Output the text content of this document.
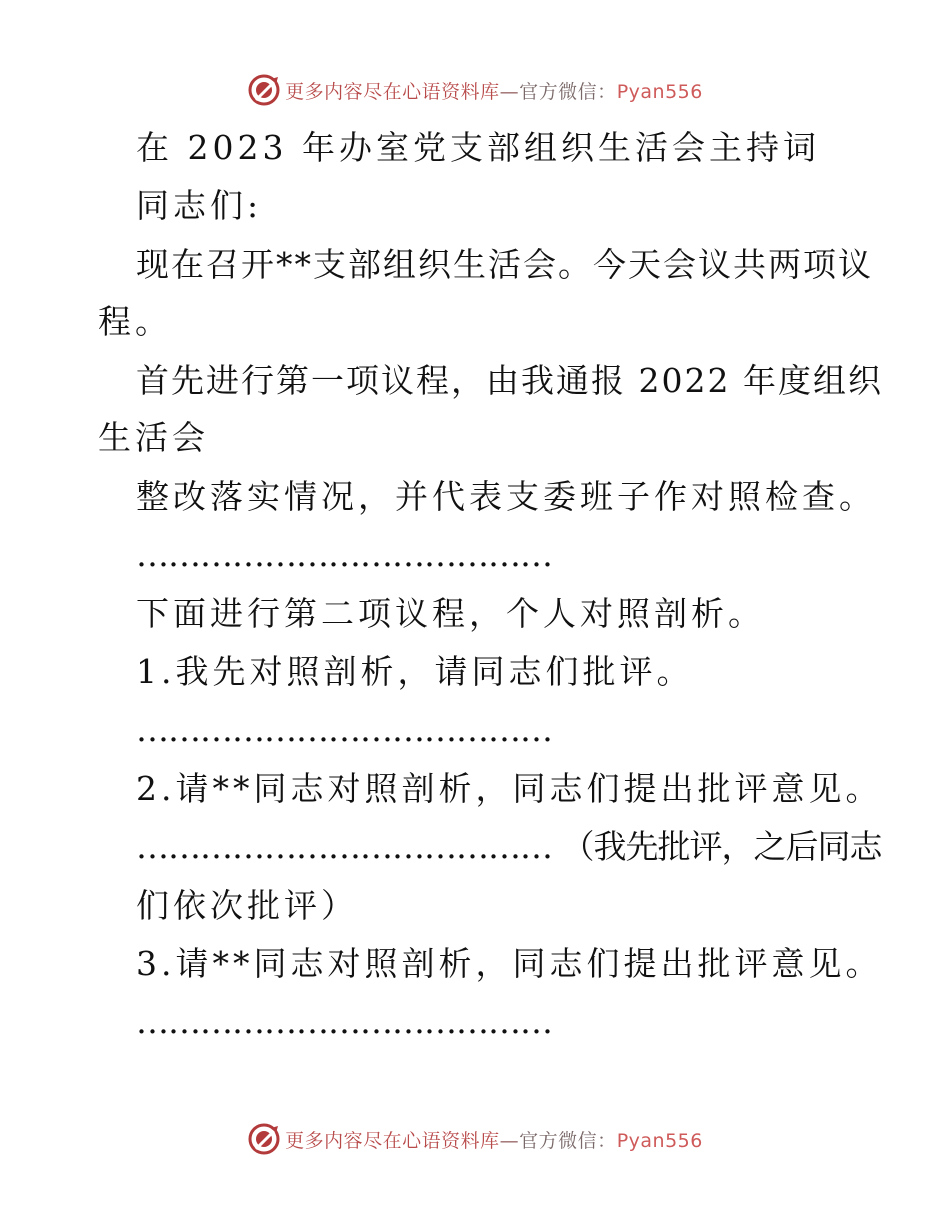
更多内容尽在心语资料库—官方微信：Pyan556
在 2023 年办室党支部组织生活会主持词
同志们:
现在召开**支部组织生活会。今天会议共两项议
程。
首先进行第一项议程，由我通报 2022 年度组织
生活会
整改落实情况，并代表支委班子作对照检查。
…………………………………
下面进行第二项议程，个人对照剖析。
1.我先对照剖析，请同志们批评。
…………………………………
2.请**同志对照剖析，同志们提出批评意见。
………………………………… （我先批评，之后同志
们依次批评）
3.请**同志对照剖析，同志们提出批评意见。
…………………………………
更多内容尽在心语资料库—官方微信：Pyan556
